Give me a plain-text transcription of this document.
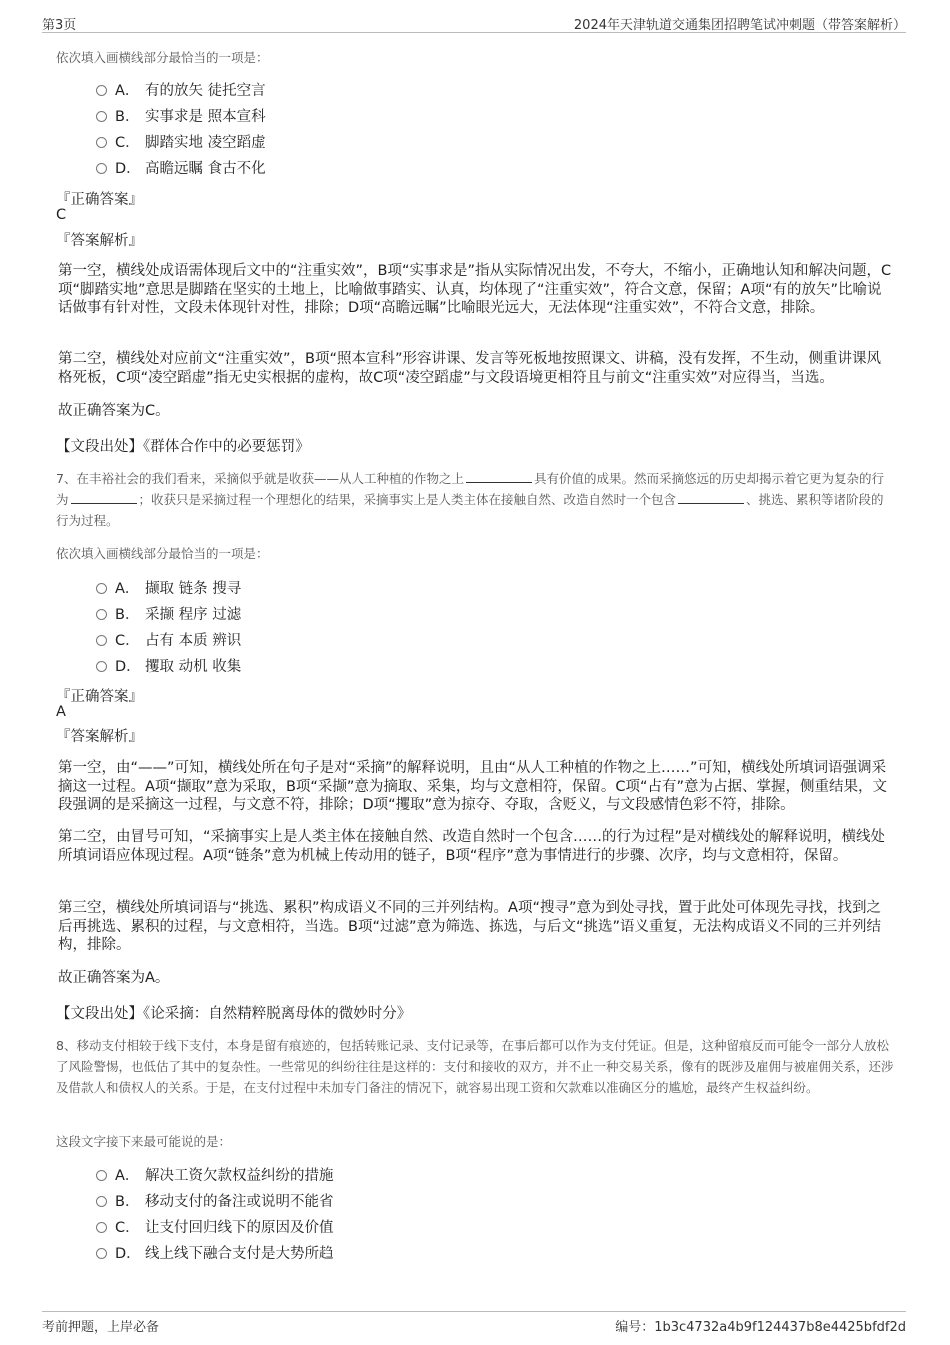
第3页	2024年天津轨道交通集团招聘笔试冲刺题（带答案解析）
依次填入画横线部分最恰当的一项是：
A． 有的放矢 徒托空言
B． 实事求是 照本宣科
C． 脚踏实地 凌空蹈虚
D． 高瞻远瞩 食古不化
『正确答案』
C
『答案解析』
第一空，横线处成语需体现后文中的“注重实效”，B项“实事求是”指从实际情况出发，不夸大，不缩小，正确地认知和解决问题，C项“脚踏实地”意思是脚踏在坚实的土地上，比喻做事踏实、认真，均体现了“注重实效”，符合文意，保留；A项“有的放矢”比喻说话做事有针对性，文段未体现针对性，排除；D项“高瞻远瞩”比喻眼光远大，无法体现“注重实效”，不符合文意，排除。
第二空，横线处对应前文“注重实效”，B项“照本宣科”形容讲课、发言等死板地按照课文、讲稿，没有发挥，不生动，侧重讲课风格死板，C项“凌空蹈虚”指无史实根据的虚构，故C项“凌空蹈虚”与文段语境更相符且与前文“注重实效”对应得当，当选。
故正确答案为C。
【文段出处】《群体合作中的必要惩罚》
7、在丰裕社会的我们看来，采摘似乎就是收获——从人工种植的作物之上	具有价值的成果。然而采摘悠远的历史却揭示着它更为复杂的行为	；收获只是采摘过程一个理想化的结果，采摘事实上是人类主体在接触自然、改造自然时一个包含	、挑选、累积等诸阶段的行为过程。
依次填入画横线部分最恰当的一项是：
A． 撷取 链条 搜寻
B． 采撷 程序 过滤
C． 占有 本质 辨识
D． 攫取 动机 收集
『正确答案』
A
『答案解析』
第一空，由“——”可知，横线处所在句子是对“采摘”的解释说明，且由“从人工种植的作物之上……”可知，横线处所填词语强调采摘这一过程。A项“撷取”意为采取，B项“采撷”意为摘取、采集，均与文意相符，保留。C项“占有”意为占据、掌握，侧重结果，文段强调的是采摘这一过程，与文意不符，排除；D项“攫取”意为掠夺、夺取，含贬义，与文段感情色彩不符，排除。
第二空，由冒号可知，“采摘事实上是人类主体在接触自然、改造自然时一个包含……的行为过程”是对横线处的解释说明，横线处所填词语应体现过程。A项“链条”意为机械上传动用的链子，B项“程序”意为事情进行的步骤、次序，均与文意相符，保留。
第三空，横线处所填词语与“挑选、累积”构成语义不同的三并列结构。A项“搜寻”意为到处寻找，置于此处可体现先寻找，找到之后再挑选、累积的过程，与文意相符，当选。B项“过滤”意为筛选、拣选，与后文“挑选”语义重复，无法构成语义不同的三并列结构，排除。
故正确答案为A。
【文段出处】《论采摘：自然精粹脱离母体的微妙时分》
8、移动支付相较于线下支付，本身是留有痕迹的，包括转账记录、支付记录等，在事后都可以作为支付凭证。但是，这种留痕反而可能令一部分人放松了风险警惕，也低估了其中的复杂性。一些常见的纠纷往往是这样的：支付和接收的双方，并不止一种交易关系，像有的既涉及雇佣与被雇佣关系，还涉及借款人和债权人的关系。于是，在支付过程中未加专门备注的情况下，就容易出现工资和欠款难以准确区分的尴尬，最终产生权益纠纷。
这段文字接下来最可能说的是：
A． 解决工资欠款权益纠纷的措施
B． 移动支付的备注或说明不能省
C． 让支付回归线下的原因及价值
D． 线上线下融合支付是大势所趋
考前押题，上岸必备	编号：1b3c4732a4b9f124437b8e4425bfdf2d
